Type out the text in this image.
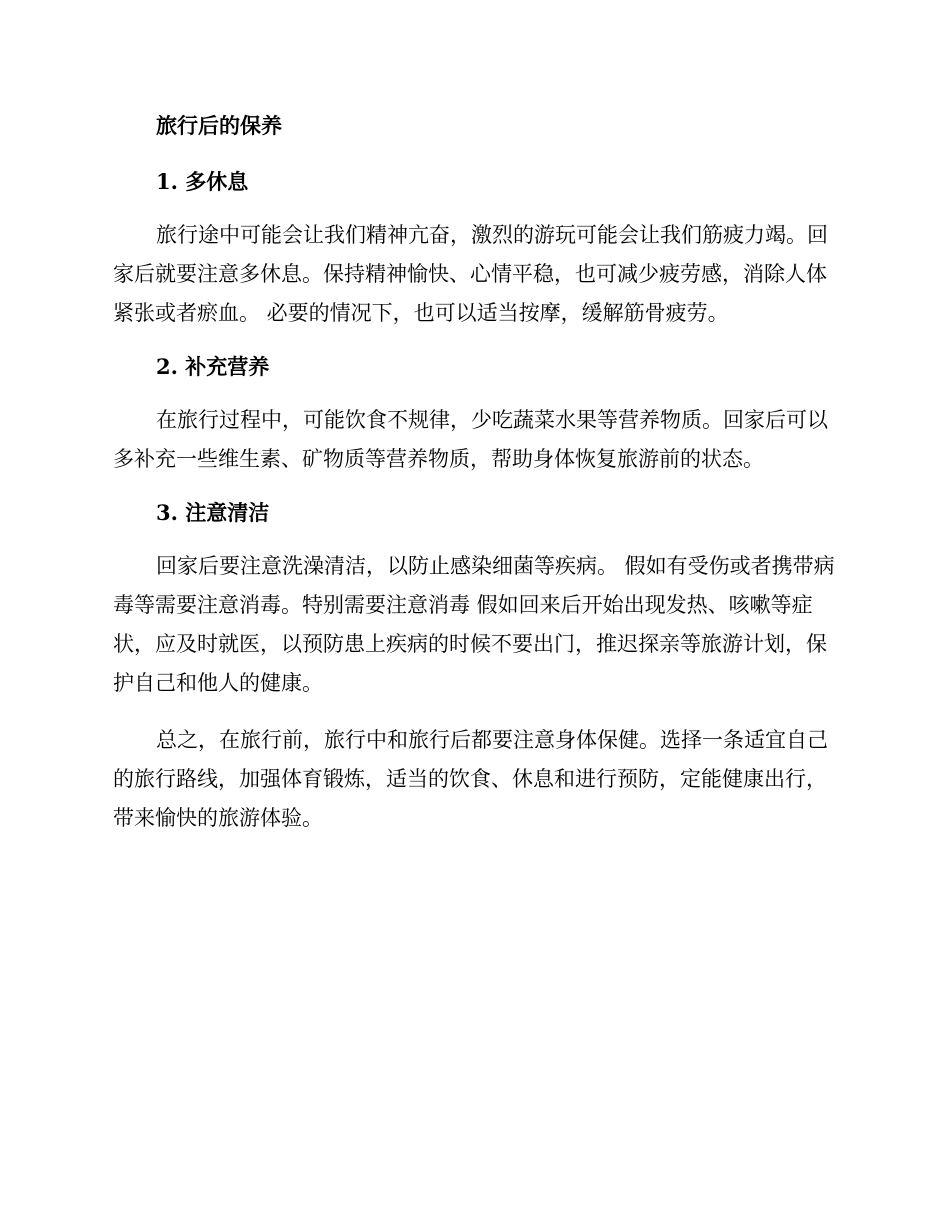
旅行后的保养

1. 多休息

旅行途中可能会让我们精神亢奋，激烈的游玩可能会让我们筋疲力竭。回家后就要注意多休息。保持精神愉快、心情平稳，也可减少疲劳感，消除人体紧张或者瘀血。 必要的情况下，也可以适当按摩，缓解筋骨疲劳。

2. 补充营养

在旅行过程中，可能饮食不规律，少吃蔬菜水果等营养物质。回家后可以多补充一些维生素、矿物质等营养物质，帮助身体恢复旅游前的状态。

3. 注意清洁

回家后要注意洗澡清洁，以防止感染细菌等疾病。 假如有受伤或者携带病毒等需要注意消毒。特别需要注意消毒 假如回来后开始出现发热、咳嗽等症状，应及时就医，以预防患上疾病的时候不要出门，推迟探亲等旅游计划，保护自己和他人的健康。

总之，在旅行前，旅行中和旅行后都要注意身体保健。选择一条适宜自己的旅行路线，加强体育锻炼，适当的饮食、休息和进行预防，定能健康出行，带来愉快的旅游体验。
